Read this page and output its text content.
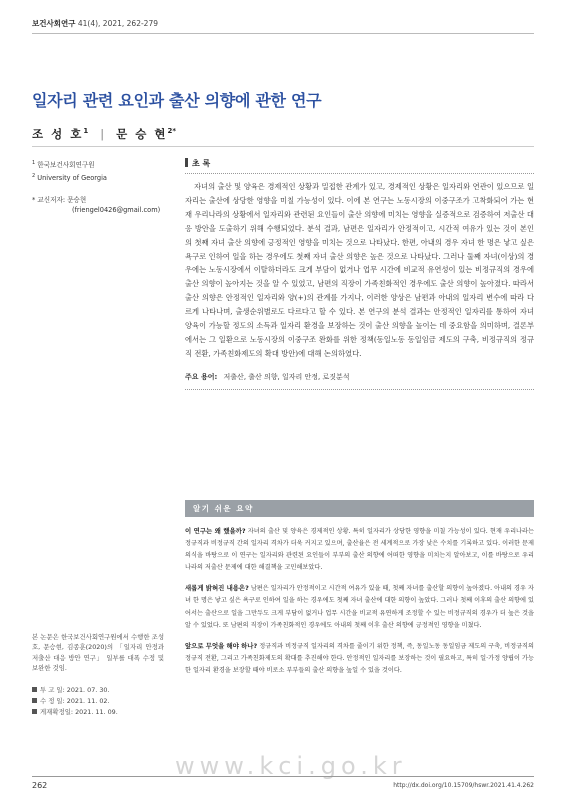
보건사회연구 41(4), 2021, 262-279
일자리 관련 요인과 출산 의향에 관한 연구
조 성 호$^1$ | 문 승 현$^{2*}$
$^1$ 한국보건사회연구원
$^2$ University of Georgia
* 교신저자: 문승현
(friengel0426@gmail.com)
초 록

자녀의 출산 및 양육은 경제적인 상황과 밀접한 관계가 있고, 경제적인 상황은 일자리와 연관이 있으므로 일자리는 출산에 상당한 영향을 미칠 가능성이 있다. 이에 본 연구는 노동시장의 이중구조가 고착화되어 가는 현재 우리나라의 상황에서 일자리와 관련된 요인들이 출산 의향에 미치는 영향을 실증적으로 검증하여 저출산 대응 방안을 도출하기 위해 수행되었다. 분석 결과, 남편은 일자리가 안정적이고, 시간적 여유가 있는 것이 본인의 첫째 자녀 출산 의향에 긍정적인 영향을 미치는 것으로 나타났다. 한편, 아내의 경우 자녀 한 명은 낳고 싶은 욕구로 인하여 일을 하는 경우에도 첫째 자녀 출산 의향은 높은 것으로 나타났다. 그러나 둘째 자녀(이상)의 경우에는 노동시장에서 이탈하더라도 크게 부담이 없거나 업무 시간에 비교적 유연성이 있는 비정규직의 경우에 출산 의향이 높아지는 것을 알 수 있었고, 남편의 직장이 가족친화적인 경우에도 출산 의향이 높아졌다. 따라서 출산 의향은 안정적인 일자리와 양(+)의 관계를 가지나, 이러한 양상은 남편과 아내의 일자리 변수에 따라 다르게 나타나며, 출생순위별로도 다르다고 할 수 있다. 본 연구의 분석 결과는 안정적인 일자리를 통하여 자녀 양육이 가능할 정도의 소득과 일자리 환경을 보장하는 것이 출산 의향을 높이는 데 중요함을 의미하며, 결론부에서는 그 일환으로 노동시장의 이중구조 완화를 위한 정책(동일노동 동일임금 제도의 구축, 비정규직의 정규직 전환, 가족친화제도의 확대 방안)에 대해 논의하였다.

주요 용어: 저출산, 출산 의향, 일자리 안정, 로짓분석
알기 쉬운 요약

이 연구는 왜 했을까? 자녀의 출산 및 양육은 경제적인 상황. 특히 일자리가 상당한 영향을 미칠 가능성이 있다. 현재 우리나라는 정규직과 비정규직 간의 일자리 격차가 더욱 커지고 있으며, 출산율은 전 세계적으로 가장 낮은 수치를 기록하고 있다. 이러한 문제의식을 바탕으로 이 연구는 일자리와 관련된 요인들이 부부의 출산 의향에 어떠한 영향을 미치는지 알아보고, 이를 바탕으로 우리나라의 저출산 문제에 대한 해결책을 고민해보았다.

새롭게 밝혀진 내용은? 남편은 일자리가 안정적이고 시간적 여유가 있을 때, 첫째 자녀를 출산할 의향이 높아졌다. 아내의 경우 자녀 한 명은 낳고 싶은 욕구로 인하여 일을 하는 경우에도 첫째 자녀 출산에 대한 의향이 높았다. 그러나 첫째 이후의 출산 의향에 있어서는 출산으로 일을 그만두도 크게 부담이 없거나 업무 시간을 비교적 유연하게 조정할 수 있는 비정규직의 경우가 더 높은 것을 알 수 있었다. 또 남편의 직장이 가족친화적인 경우에도 아내의 첫째 이후 출산 의향에 긍정적인 영향을 미쳤다.

앞으로 무엇을 해야 하나? 정규직과 비정규직 일자리의 격차를 줄이기 위한 정책, 즉, 동일노동 동일임금 제도의 구축, 비정규직의 정규직 전환, 그리고 가족친화제도의 확대를 추진해야 한다. 안정적인 일자리를 보장하는 것이 필요하고, 특히 일·가정 양립이 가능한 일자리 환경을 보장할 때야 비로소 부부들의 출산 의향을 높일 수 있을 것이다.

본 논문은 한국보건사회연구원에서 수행한 조성호, 문승현, 김종훈(2020)의 「일자리 안정과 저출산 대응 방안 연구」 일부를 대폭 수정 및 보완한 것임.

투 고 일: 2021. 07. 30.
수 정 일: 2021. 11. 02.
게재확정일: 2021. 11. 09.
www.kci.go.kr
262	http://dx.doi.org/10.15709/hswr.2021.41.4.262
